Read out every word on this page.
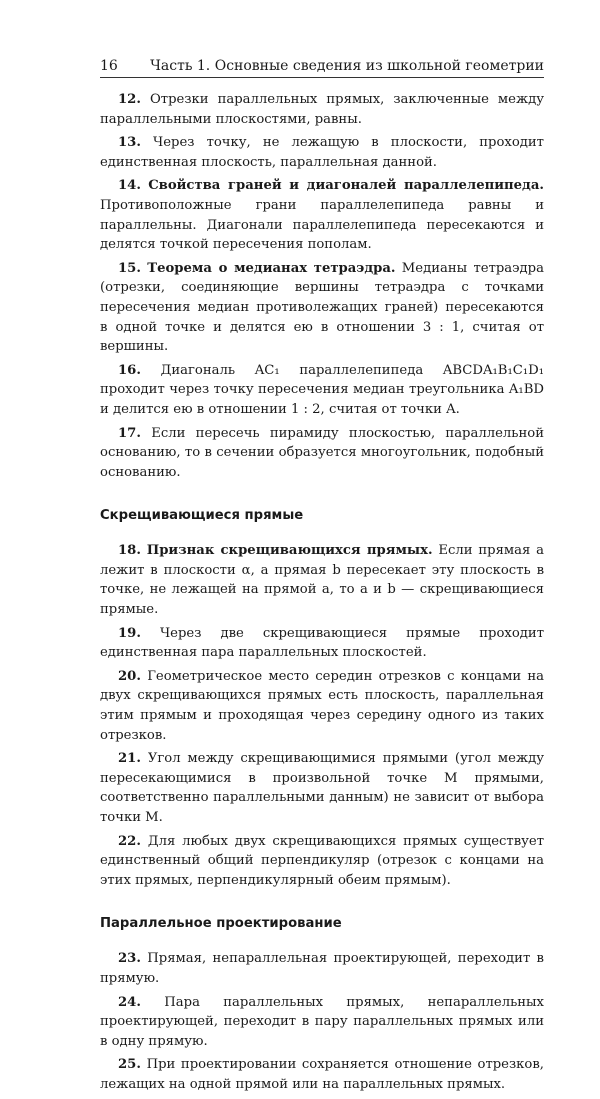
16 Часть 1. Основные сведения из школьной геометрии

12. Отрезки параллельных прямых, заключенные между параллельными плоскостями, равны.

13. Через точку, не лежащую в плоскости, проходит единственная плоскость, параллельная данной.

14. Свойства граней и диагоналей параллелепипеда. Противоположные грани параллелепипеда равны и параллельны. Диагонали параллелепипеда пересекаются и делятся точкой пересечения пополам.

15. Теорема о медианах тетраэдра. Медианы тетраэдра (отрезки, соединяющие вершины тетраэдра с точками пересечения медиан противолежащих граней) пересекаются в одной точке и делятся ею в отношении 3 : 1, считая от вершины.

16. Диагональ AC₁ параллелепипеда ABCDA₁B₁C₁D₁ проходит через точку пересечения медиан треугольника A₁BD и делится ею в отношении 1 : 2, считая от точки A.

17. Если пересечь пирамиду плоскостью, параллельной основанию, то в сечении образуется многоугольник, подобный основанию.

Скрещивающиеся прямые

18. Признак скрещивающихся прямых. Если прямая a лежит в плоскости α, а прямая b пересекает эту плоскость в точке, не лежащей на прямой a, то a и b — скрещивающиеся прямые.

19. Через две скрещивающиеся прямые проходит единственная пара параллельных плоскостей.

20. Геометрическое место середин отрезков с концами на двух скрещивающихся прямых есть плоскость, параллельная этим прямым и проходящая через середину одного из таких отрезков.

21. Угол между скрещивающимися прямыми (угол между пересекающимися в произвольной точке M прямыми, соответственно параллельными данным) не зависит от выбора точки M.

22. Для любых двух скрещивающихся прямых существует единственный общий перпендикуляр (отрезок с концами на этих прямых, перпендикулярный обеим прямым).

Параллельное проектирование

23. Прямая, непараллельная проектирующей, переходит в прямую.

24. Пара параллельных прямых, непараллельных проектирующей, переходит в пару параллельных прямых или в одну прямую.

25. При проектировании сохраняется отношение отрезков, лежащих на одной прямой или на параллельных прямых.
